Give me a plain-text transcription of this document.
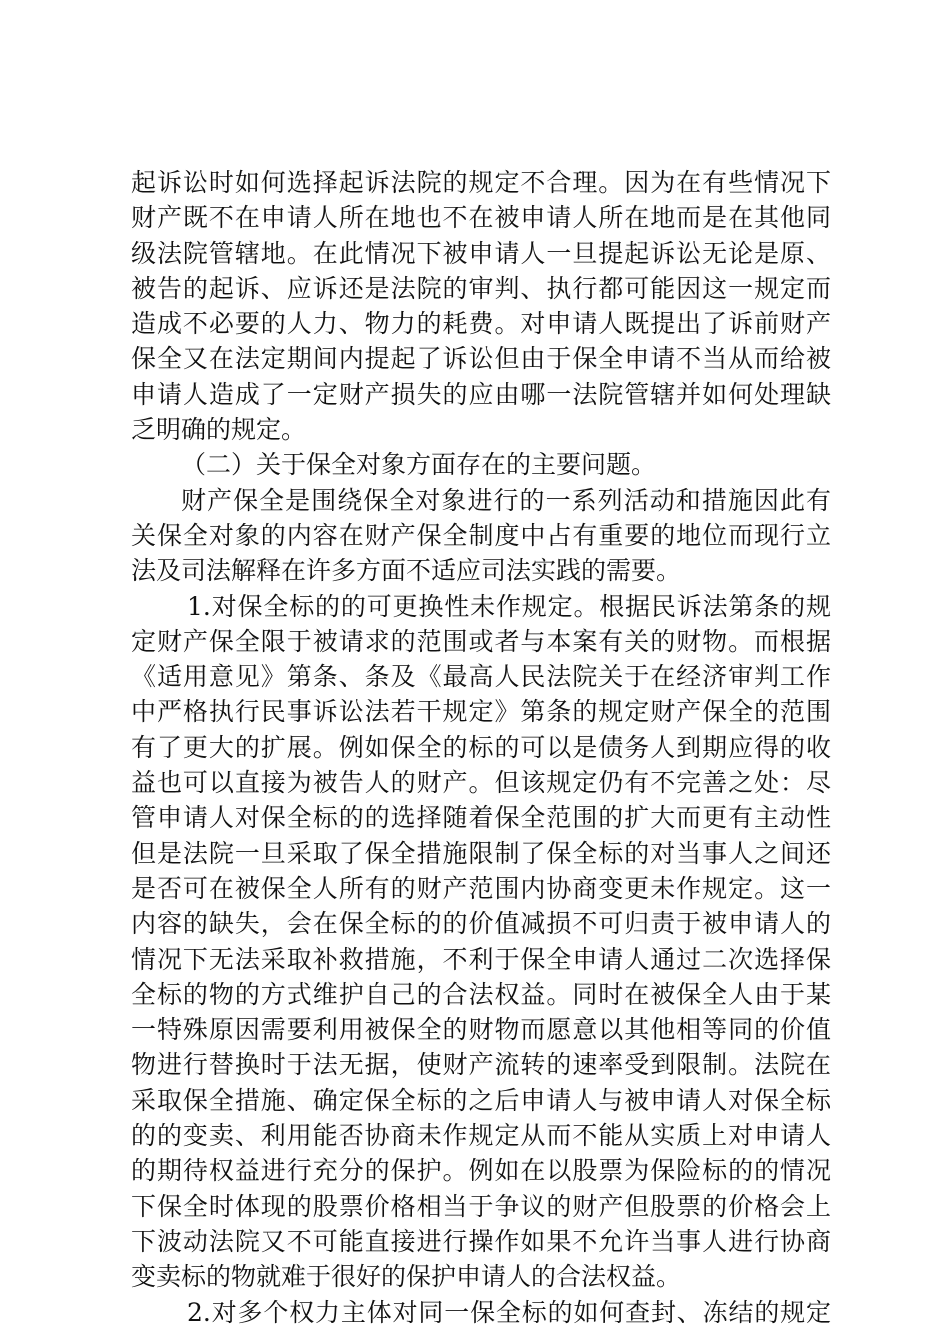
起诉讼时如何选择起诉法院的规定不合理。因为在有些情况下
财产既不在申请人所在地也不在被申请人所在地而是在其他同
级法院管辖地。在此情况下被申请人一旦提起诉讼无论是原、
被告的起诉、应诉还是法院的审判、执行都可能因这一规定而
造成不必要的人力、物力的耗费。对申请人既提出了诉前财产
保全又在法定期间内提起了诉讼但由于保全申请不当从而给被
申请人造成了一定财产损失的应由哪一法院管辖并如何处理缺
乏明确的规定。
（二）关于保全对象方面存在的主要问题。
财产保全是围绕保全对象进行的一系列活动和措施因此有
关保全对象的内容在财产保全制度中占有重要的地位而现行立
法及司法解释在许多方面不适应司法实践的需要。
1.对保全标的的可更换性未作规定。根据民诉法第条的规
定财产保全限于被请求的范围或者与本案有关的财物。而根据
《适用意见》第条、条及《最高人民法院关于在经济审判工作
中严格执行民事诉讼法若干规定》第条的规定财产保全的范围
有了更大的扩展。例如保全的标的可以是债务人到期应得的收
益也可以直接为被告人的财产。但该规定仍有不完善之处：尽
管申请人对保全标的的选择随着保全范围的扩大而更有主动性
但是法院一旦采取了保全措施限制了保全标的对当事人之间还
是否可在被保全人所有的财产范围内协商变更未作规定。这一
内容的缺失，会在保全标的的价值减损不可归责于被申请人的
情况下无法采取补救措施，不利于保全申请人通过二次选择保
全标的物的方式维护自己的合法权益。同时在被保全人由于某
一特殊原因需要利用被保全的财物而愿意以其他相等同的价值
物进行替换时于法无据，使财产流转的速率受到限制。法院在
采取保全措施、确定保全标的之后申请人与被申请人对保全标
的的变卖、利用能否协商未作规定从而不能从实质上对申请人
的期待权益进行充分的保护。例如在以股票为保险标的的情况
下保全时体现的股票价格相当于争议的财产但股票的价格会上
下波动法院又不可能直接进行操作如果不允许当事人进行协商
变卖标的物就难于很好的保护申请人的合法权益。
2.对多个权力主体对同一保全标的如何查封、冻结的规定
